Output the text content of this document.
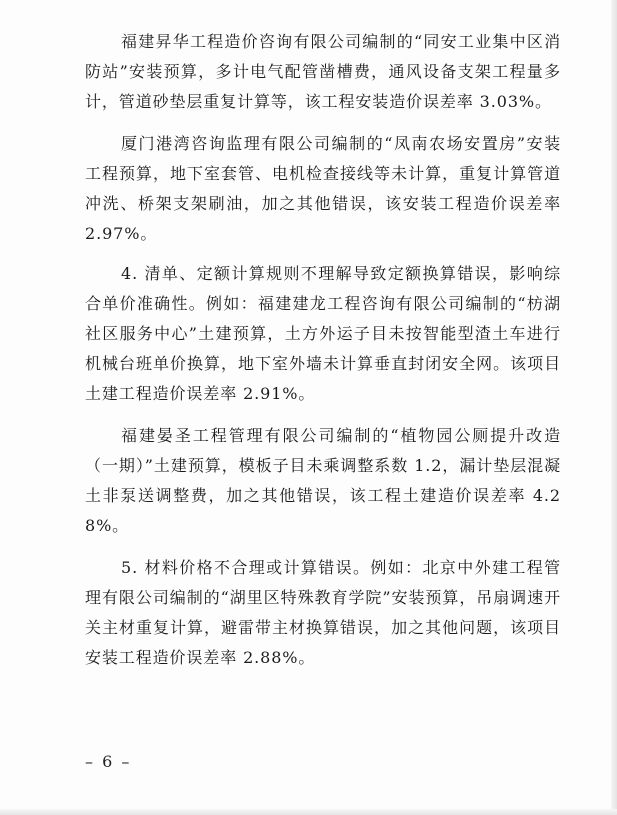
福建昇华工程造价咨询有限公司编制的“同安工业集中区消防站”安装预算，多计电气配管凿槽费，通风设备支架工程量多计，管道砂垫层重复计算等，该工程安装造价误差率 3.03%。

厦门港湾咨询监理有限公司编制的“凤南农场安置房”安装工程预算，地下室套管、电机检查接线等未计算，重复计算管道冲洗、桥架支架刷油，加之其他错误，该安装工程造价误差率 2.97%。

4. 清单、定额计算规则不理解导致定额换算错误，影响综合单价准确性。例如：福建建龙工程咨询有限公司编制的“枋湖社区服务中心”土建预算，土方外运子目未按智能型渣土车进行机械台班单价换算，地下室外墙未计算垂直封闭安全网。该项目土建工程造价误差率 2.91%。

福建晏圣工程管理有限公司编制的“植物园公厕提升改造（一期）”土建预算，模板子目未乘调整系数 1.2，漏计垫层混凝土非泵送调整费，加之其他错误，该工程土建造价误差率 4.28%。

5. 材料价格不合理或计算错误。例如：北京中外建工程管理有限公司编制的“湖里区特殊教育学院”安装预算，吊扇调速开关主材重复计算，避雷带主材换算错误，加之其他问题，该项目安装工程造价误差率 2.88%。

– 6 –
